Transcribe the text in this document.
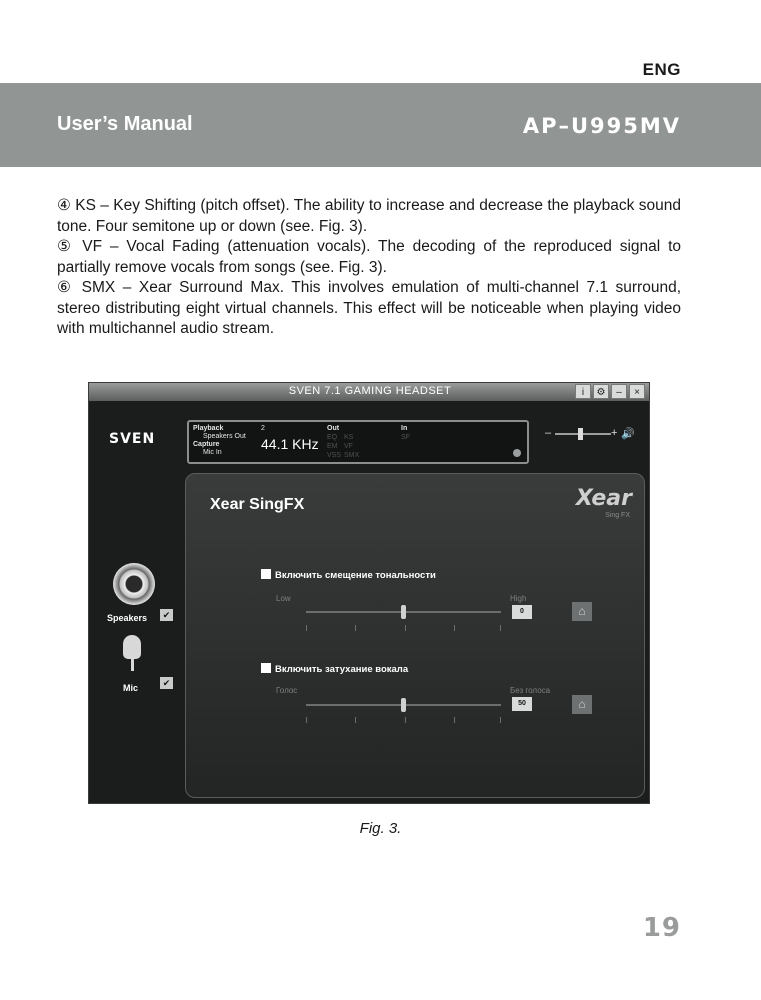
ENG
User’s Manual	AP–U995MV

④ KS – Key Shifting (pitch offset). The ability to increase and decrease the playback sound tone. Four semitone up or down (see. Fig. 3).

⑤ VF – Vocal Fading (attenuation vocals). The decoding of the reproduced signal to partially remove vocals from songs (see. Fig. 3).

⑥ SMX – Xear Surround Max. This involves emulation of multi-channel 7.1 surround, stereo distributing eight virtual channels. This effect will be noticeable when playing video with multichannel audio stream.

SVEN 7.1 GAMING HEADSET	i	⚙	–	×
SVEN
Playback
Speakers Out
Capture
Mic In
2
44.1 KHz
Out
EQ KS
EM VF
VSS SMX
In
SF	–	+ 🔊
Speakers	✔
Mic	✔
Xear SingFX	Xear
Sing FX
Включить смещение тональности
Low	High
0	⌂
Включить затухание вокала
Голос	Без голоса
50	⌂
Fig. 3.
19
